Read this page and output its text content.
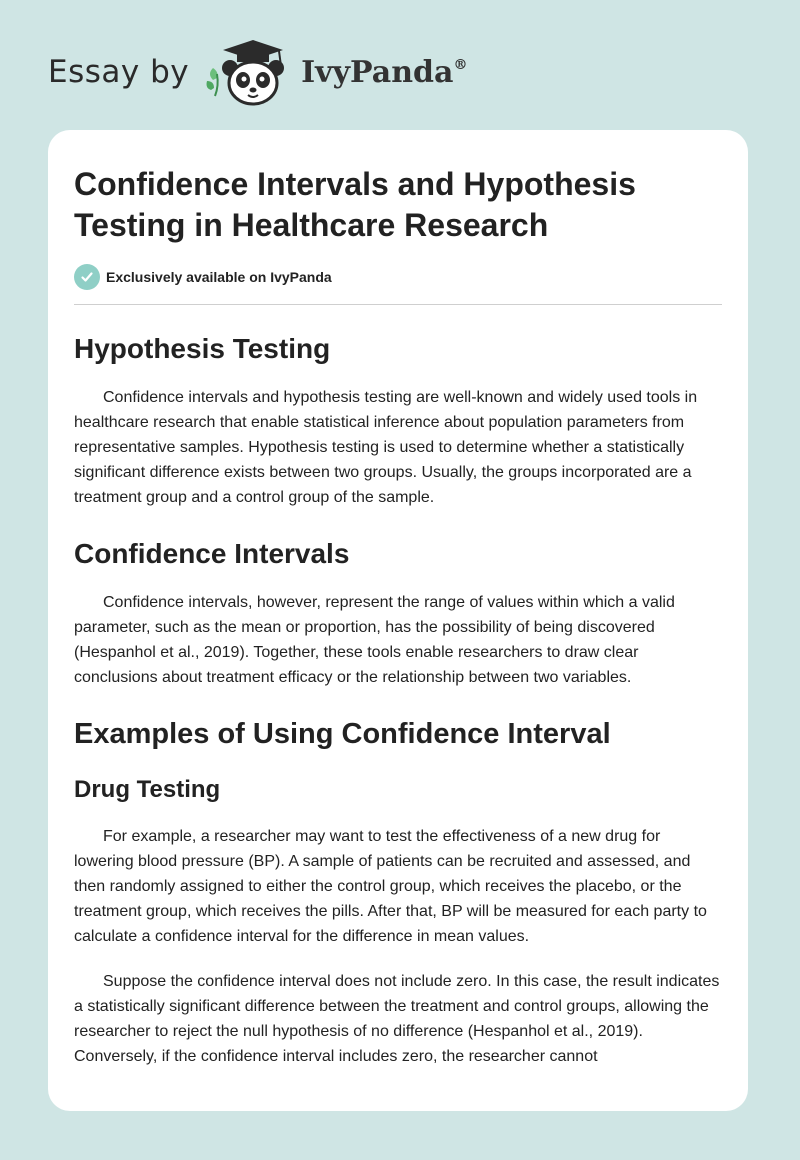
Essay by	IvyPanda®
Confidence Intervals and Hypothesis Testing in Healthcare Research
Exclusively available on IvyPanda
Hypothesis Testing

Confidence intervals and hypothesis testing are well-known and widely used tools in healthcare research that enable statistical inference about population parameters from representative samples. Hypothesis testing is used to determine whether a statistically significant difference exists between two groups. Usually, the groups incorporated are a treatment group and a control group of the sample.

Confidence Intervals

Confidence intervals, however, represent the range of values within which a valid parameter, such as the mean or proportion, has the possibility of being discovered (Hespanhol et al., 2019). Together, these tools enable researchers to draw clear conclusions about treatment efficacy or the relationship between two variables.

Examples of Using Confidence Interval
Drug Testing

For example, a researcher may want to test the effectiveness of a new drug for lowering blood pressure (BP). A sample of patients can be recruited and assessed, and then randomly assigned to either the control group, which receives the placebo, or the treatment group, which receives the pills. After that, BP will be measured for each party to calculate a confidence interval for the difference in mean values.

Suppose the confidence interval does not include zero. In this case, the result indicates a statistically significant difference between the treatment and control groups, allowing the researcher to reject the null hypothesis of no difference (Hespanhol et al., 2019). Conversely, if the confidence interval includes zero, the researcher cannot
